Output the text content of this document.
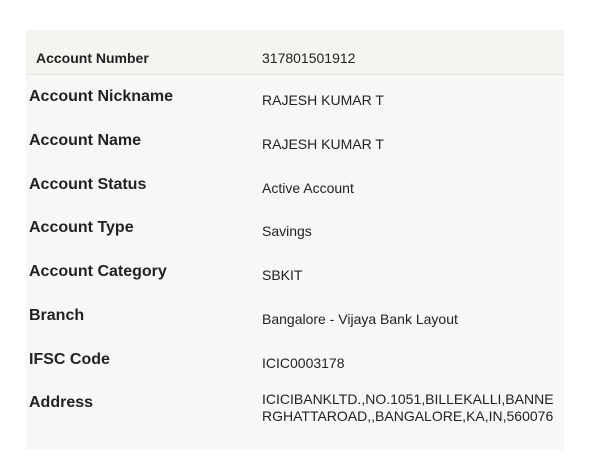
Account Number	317801501912
Account Nickname	RAJESH KUMAR T
Account Name	RAJESH KUMAR T
Account Status	Active Account
Account Type	Savings
Account Category	SBKIT
Branch	Bangalore - Vijaya Bank Layout
IFSC Code	ICIC0003178
Address	ICICIBANKLTD.,NO.1051,BILLEKALLI,BANNERGHATTAROAD,,BANGALORE,KA,IN,560076
